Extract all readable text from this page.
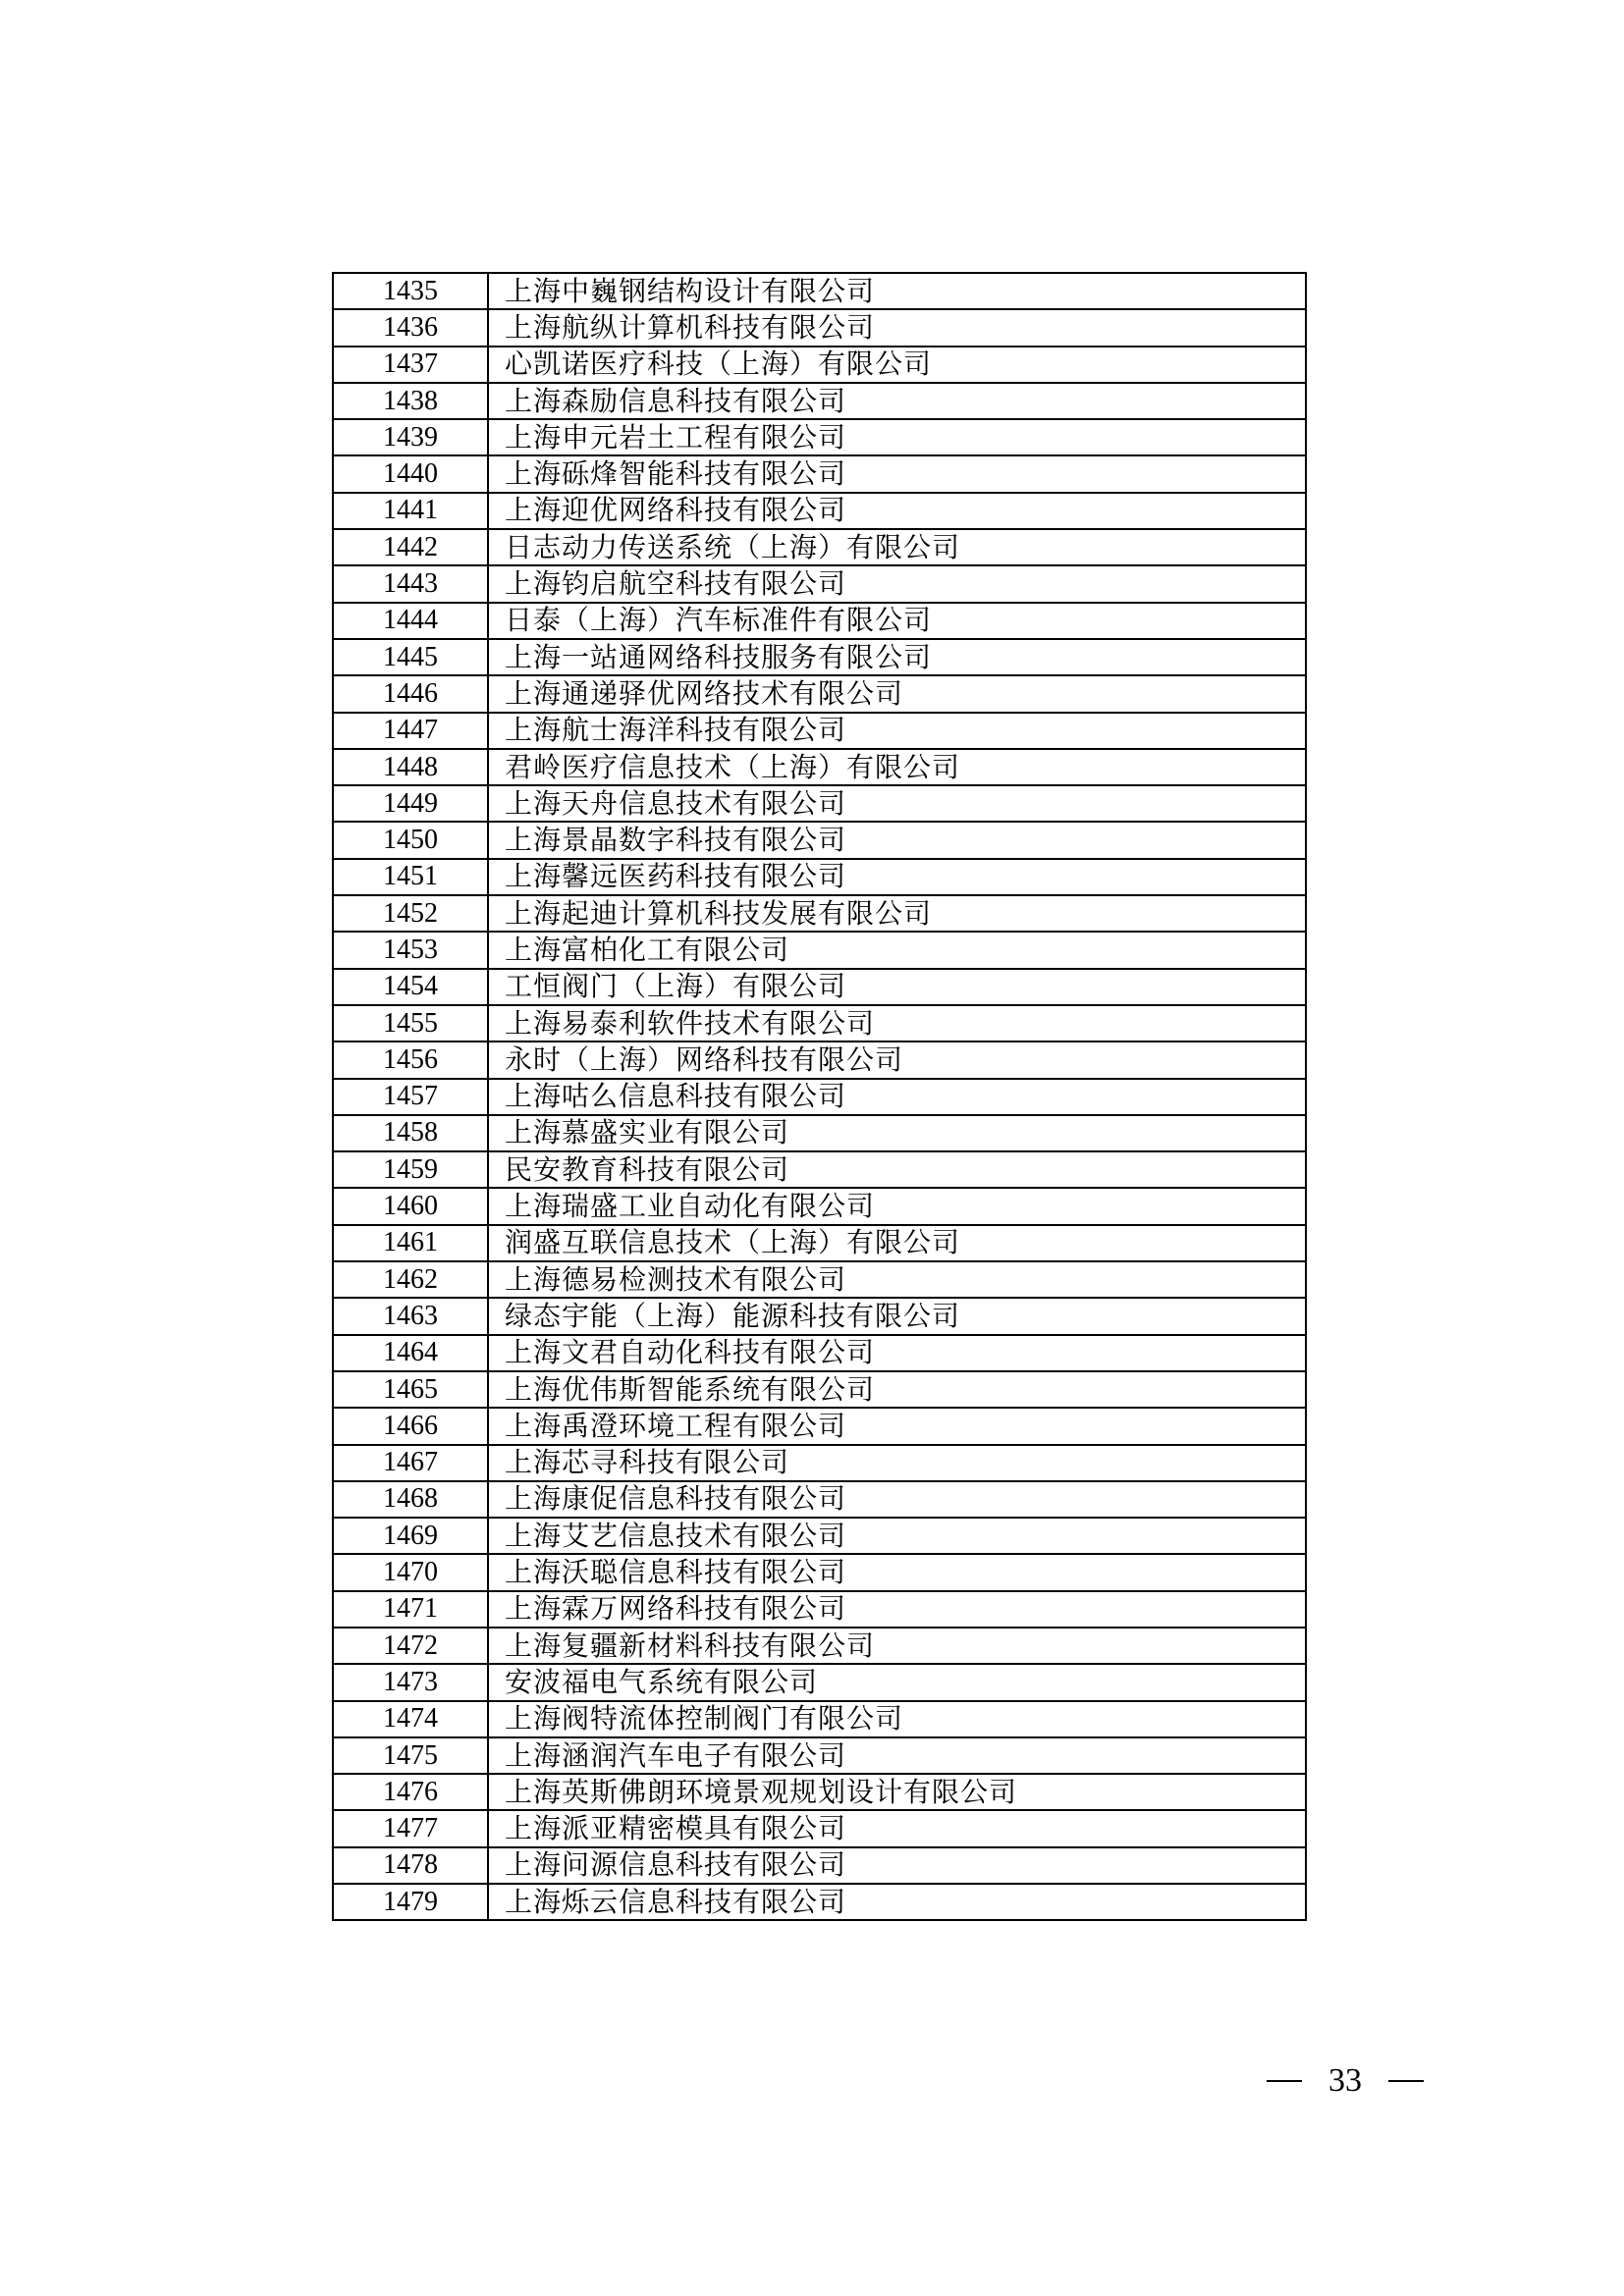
1435	上海中巍钢结构设计有限公司
1436	上海航纵计算机科技有限公司
1437	心凯诺医疗科技（上海）有限公司
1438	上海森励信息科技有限公司
1439	上海申元岩土工程有限公司
1440	上海砾烽智能科技有限公司
1441	上海迎优网络科技有限公司
1442	日志动力传送系统（上海）有限公司
1443	上海钧启航空科技有限公司
1444	日泰（上海）汽车标准件有限公司
1445	上海一站通网络科技服务有限公司
1446	上海通递驿优网络技术有限公司
1447	上海航士海洋科技有限公司
1448	君岭医疗信息技术（上海）有限公司
1449	上海天舟信息技术有限公司
1450	上海景晶数字科技有限公司
1451	上海馨远医药科技有限公司
1452	上海起迪计算机科技发展有限公司
1453	上海富柏化工有限公司
1454	工恒阀门（上海）有限公司
1455	上海易泰利软件技术有限公司
1456	永时（上海）网络科技有限公司
1457	上海咕么信息科技有限公司
1458	上海慕盛实业有限公司
1459	民安教育科技有限公司
1460	上海瑞盛工业自动化有限公司
1461	润盛互联信息技术（上海）有限公司
1462	上海德易检测技术有限公司
1463	绿态宇能（上海）能源科技有限公司
1464	上海文君自动化科技有限公司
1465	上海优伟斯智能系统有限公司
1466	上海禹澄环境工程有限公司
1467	上海芯寻科技有限公司
1468	上海康促信息科技有限公司
1469	上海艾艺信息技术有限公司
1470	上海沃聪信息科技有限公司
1471	上海霖万网络科技有限公司
1472	上海复疆新材料科技有限公司
1473	安波福电气系统有限公司
1474	上海阀特流体控制阀门有限公司
1475	上海涵润汽车电子有限公司
1476	上海英斯佛朗环境景观规划设计有限公司
1477	上海派亚精密模具有限公司
1478	上海问源信息科技有限公司
1479	上海烁云信息科技有限公司
33
